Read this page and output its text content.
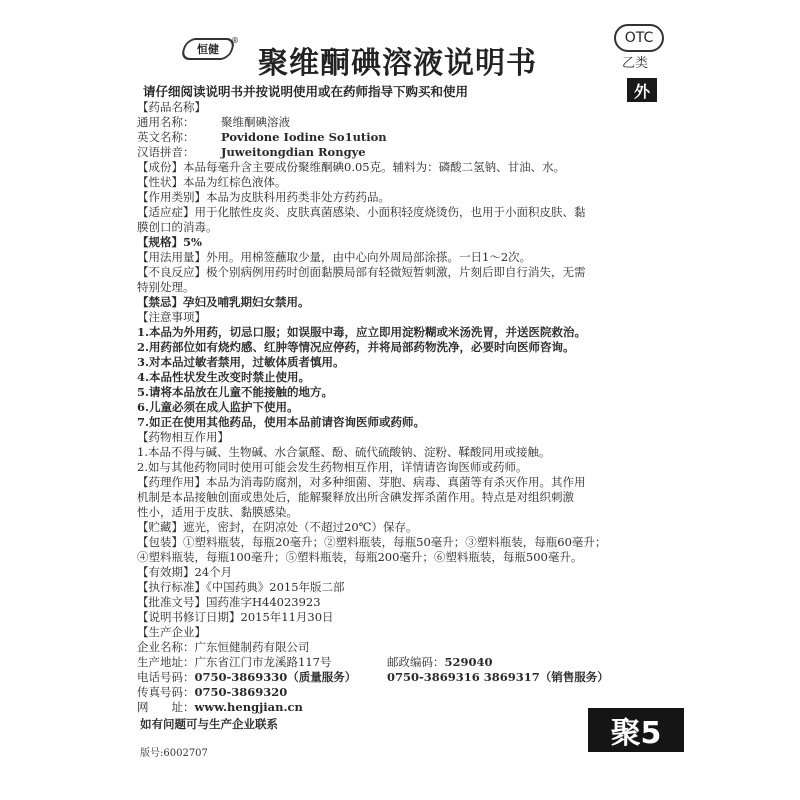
恒健
®
聚维酮碘溶液说明书
OTC
乙类
外
请仔细阅读说明书并按说明使用或在药师指导下购买和使用
【药品名称】
通用名称：	聚维酮碘溶液
英文名称：	Povidone Iodine So1ution
汉语拼音：	Juweitongdian Rongye
【成份】本品每毫升含主要成份聚维酮碘0.05克。辅料为：磷酸二氢钠、甘油、水。
【性状】本品为红棕色液体。
【作用类别】本品为皮肤科用药类非处方药药品。
【适应症】用于化脓性皮炎、皮肤真菌感染、小面积轻度烧烫伤，也用于小面积皮肤、黏
膜创口的消毒。
【规格】5%
【用法用量】外用。用棉签蘸取少量，由中心向外周局部涂搽。一日1～2次。
【不良反应】极个别病例用药时创面黏膜局部有轻微短暂刺激，片刻后即自行消失，无需
特别处理。
【禁忌】孕妇及哺乳期妇女禁用。
【注意事项】
1.本品为外用药，切忌口服；如误服中毒，应立即用淀粉糊或米汤洗胃，并送医院救治。
2.用药部位如有烧灼感、红肿等情况应停药，并将局部药物洗净，必要时向医师咨询。
3.对本品过敏者禁用，过敏体质者慎用。
4.本品性状发生改变时禁止使用。
5.请将本品放在儿童不能接触的地方。
6.儿童必须在成人监护下使用。
7.如正在使用其他药品，使用本品前请咨询医师或药师。
【药物相互作用】
1.本品不得与碱、生物碱、水合氯醛、酚、硫代硫酸钠、淀粉、鞣酸同用或接触。
2.如与其他药物同时使用可能会发生药物相互作用，详情请咨询医师或药师。
【药理作用】本品为消毒防腐剂，对多种细菌、芽胞、病毒、真菌等有杀灭作用。其作用
机制是本品接触创面或患处后，能解聚释放出所含碘发挥杀菌作用。特点是对组织刺激
性小，适用于皮肤、黏膜感染。
【贮藏】遮光，密封，在阴凉处（不超过20℃）保存。
【包装】①塑料瓶装，每瓶20毫升；②塑料瓶装，每瓶50毫升；③塑料瓶装，每瓶60毫升；
④塑料瓶装，每瓶100毫升；⑤塑料瓶装，每瓶200毫升；⑥塑料瓶装，每瓶500毫升。
【有效期】24个月
【执行标准】《中国药典》2015年版二部
【批准文号】国药准字H44023923
【说明书修订日期】2015年11月30日
【生产企业】
企业名称： 广东恒健制药有限公司
生产地址：广东省江门市龙溪路117号	邮政编码：529040
电话号码：0750-3869330（质量服务）	0750-3869316 3869317（销售服务）
传真号码： 0750-3869320
网　　址： www.hengjian.cn
如有问题可与生产企业联系	聚5
版号:6002707
